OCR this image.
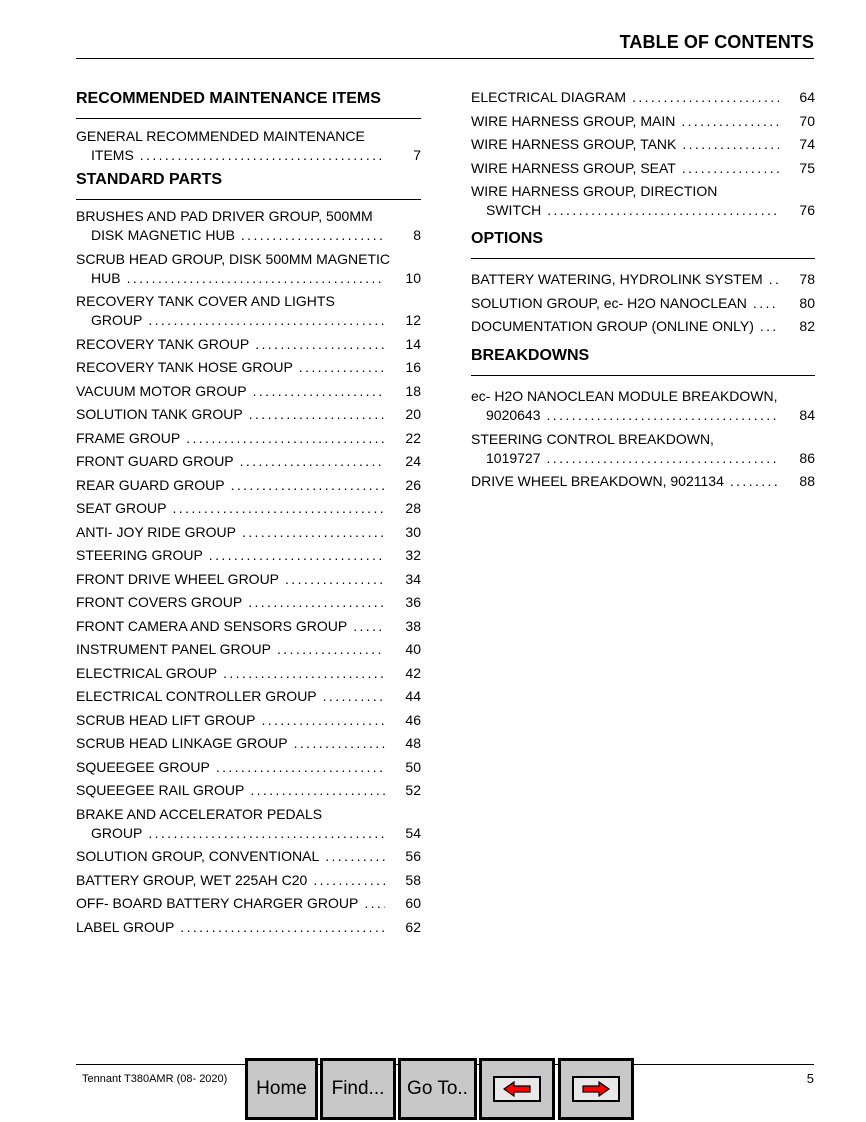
TABLE OF CONTENTS
RECOMMENDED MAINTENANCE ITEMS
GENERAL RECOMMENDED MAINTENANCE
ITEMS . . .	7
STANDARD PARTS
BRUSHES AND PAD DRIVER GROUP, 500MM
DISK MAGNETIC HUB . . .	8
SCRUB HEAD GROUP, DISK 500MM MAGNETIC
HUB . . .	10
RECOVERY TANK COVER AND LIGHTS
GROUP . . .	12
RECOVERY TANK GROUP . . .	14
RECOVERY TANK HOSE GROUP . . .	16
VACUUM MOTOR GROUP . . .	18
SOLUTION TANK GROUP . . .	20
FRAME GROUP . . .	22
FRONT GUARD GROUP . . .	24
REAR GUARD GROUP . . .	26
SEAT GROUP . . .	28
ANTI- JOY RIDE GROUP . . .	30
STEERING GROUP . . .	32
FRONT DRIVE WHEEL GROUP . . .	34
FRONT COVERS GROUP . . .	36
FRONT CAMERA AND SENSORS GROUP . . .	38
INSTRUMENT PANEL GROUP . . .	40
ELECTRICAL GROUP . . .	42
ELECTRICAL CONTROLLER GROUP . . .	44
SCRUB HEAD LIFT GROUP . . .	46
SCRUB HEAD LINKAGE GROUP . . .	48
SQUEEGEE GROUP . . .	50
SQUEEGEE RAIL GROUP . . .	52
BRAKE AND ACCELERATOR PEDALS
GROUP . . .	54
SOLUTION GROUP, CONVENTIONAL . . .	56
BATTERY GROUP, WET 225AH C20 . . .	58
OFF- BOARD BATTERY CHARGER GROUP . . .	60
LABEL GROUP . . .	62
ELECTRICAL DIAGRAM . . .	64
WIRE HARNESS GROUP, MAIN . . .	70
WIRE HARNESS GROUP, TANK . . .	74
WIRE HARNESS GROUP, SEAT . . .	75
WIRE HARNESS GROUP, DIRECTION
SWITCH . . .	76
OPTIONS
BATTERY WATERING, HYDROLINK SYSTEM . . .	78
SOLUTION GROUP, ec- H2O NANOCLEAN . . .	80
DOCUMENTATION GROUP (ONLINE ONLY) . . .	82
BREAKDOWNS
ec- H2O NANOCLEAN MODULE BREAKDOWN,
9020643 . . .	84
STEERING CONTROL BREAKDOWN,
1019727 . . .	86
DRIVE WHEEL BREAKDOWN, 9021134 . . .	88
Tennant T380AMR (08- 2020)	5
Home Find... Go To..
